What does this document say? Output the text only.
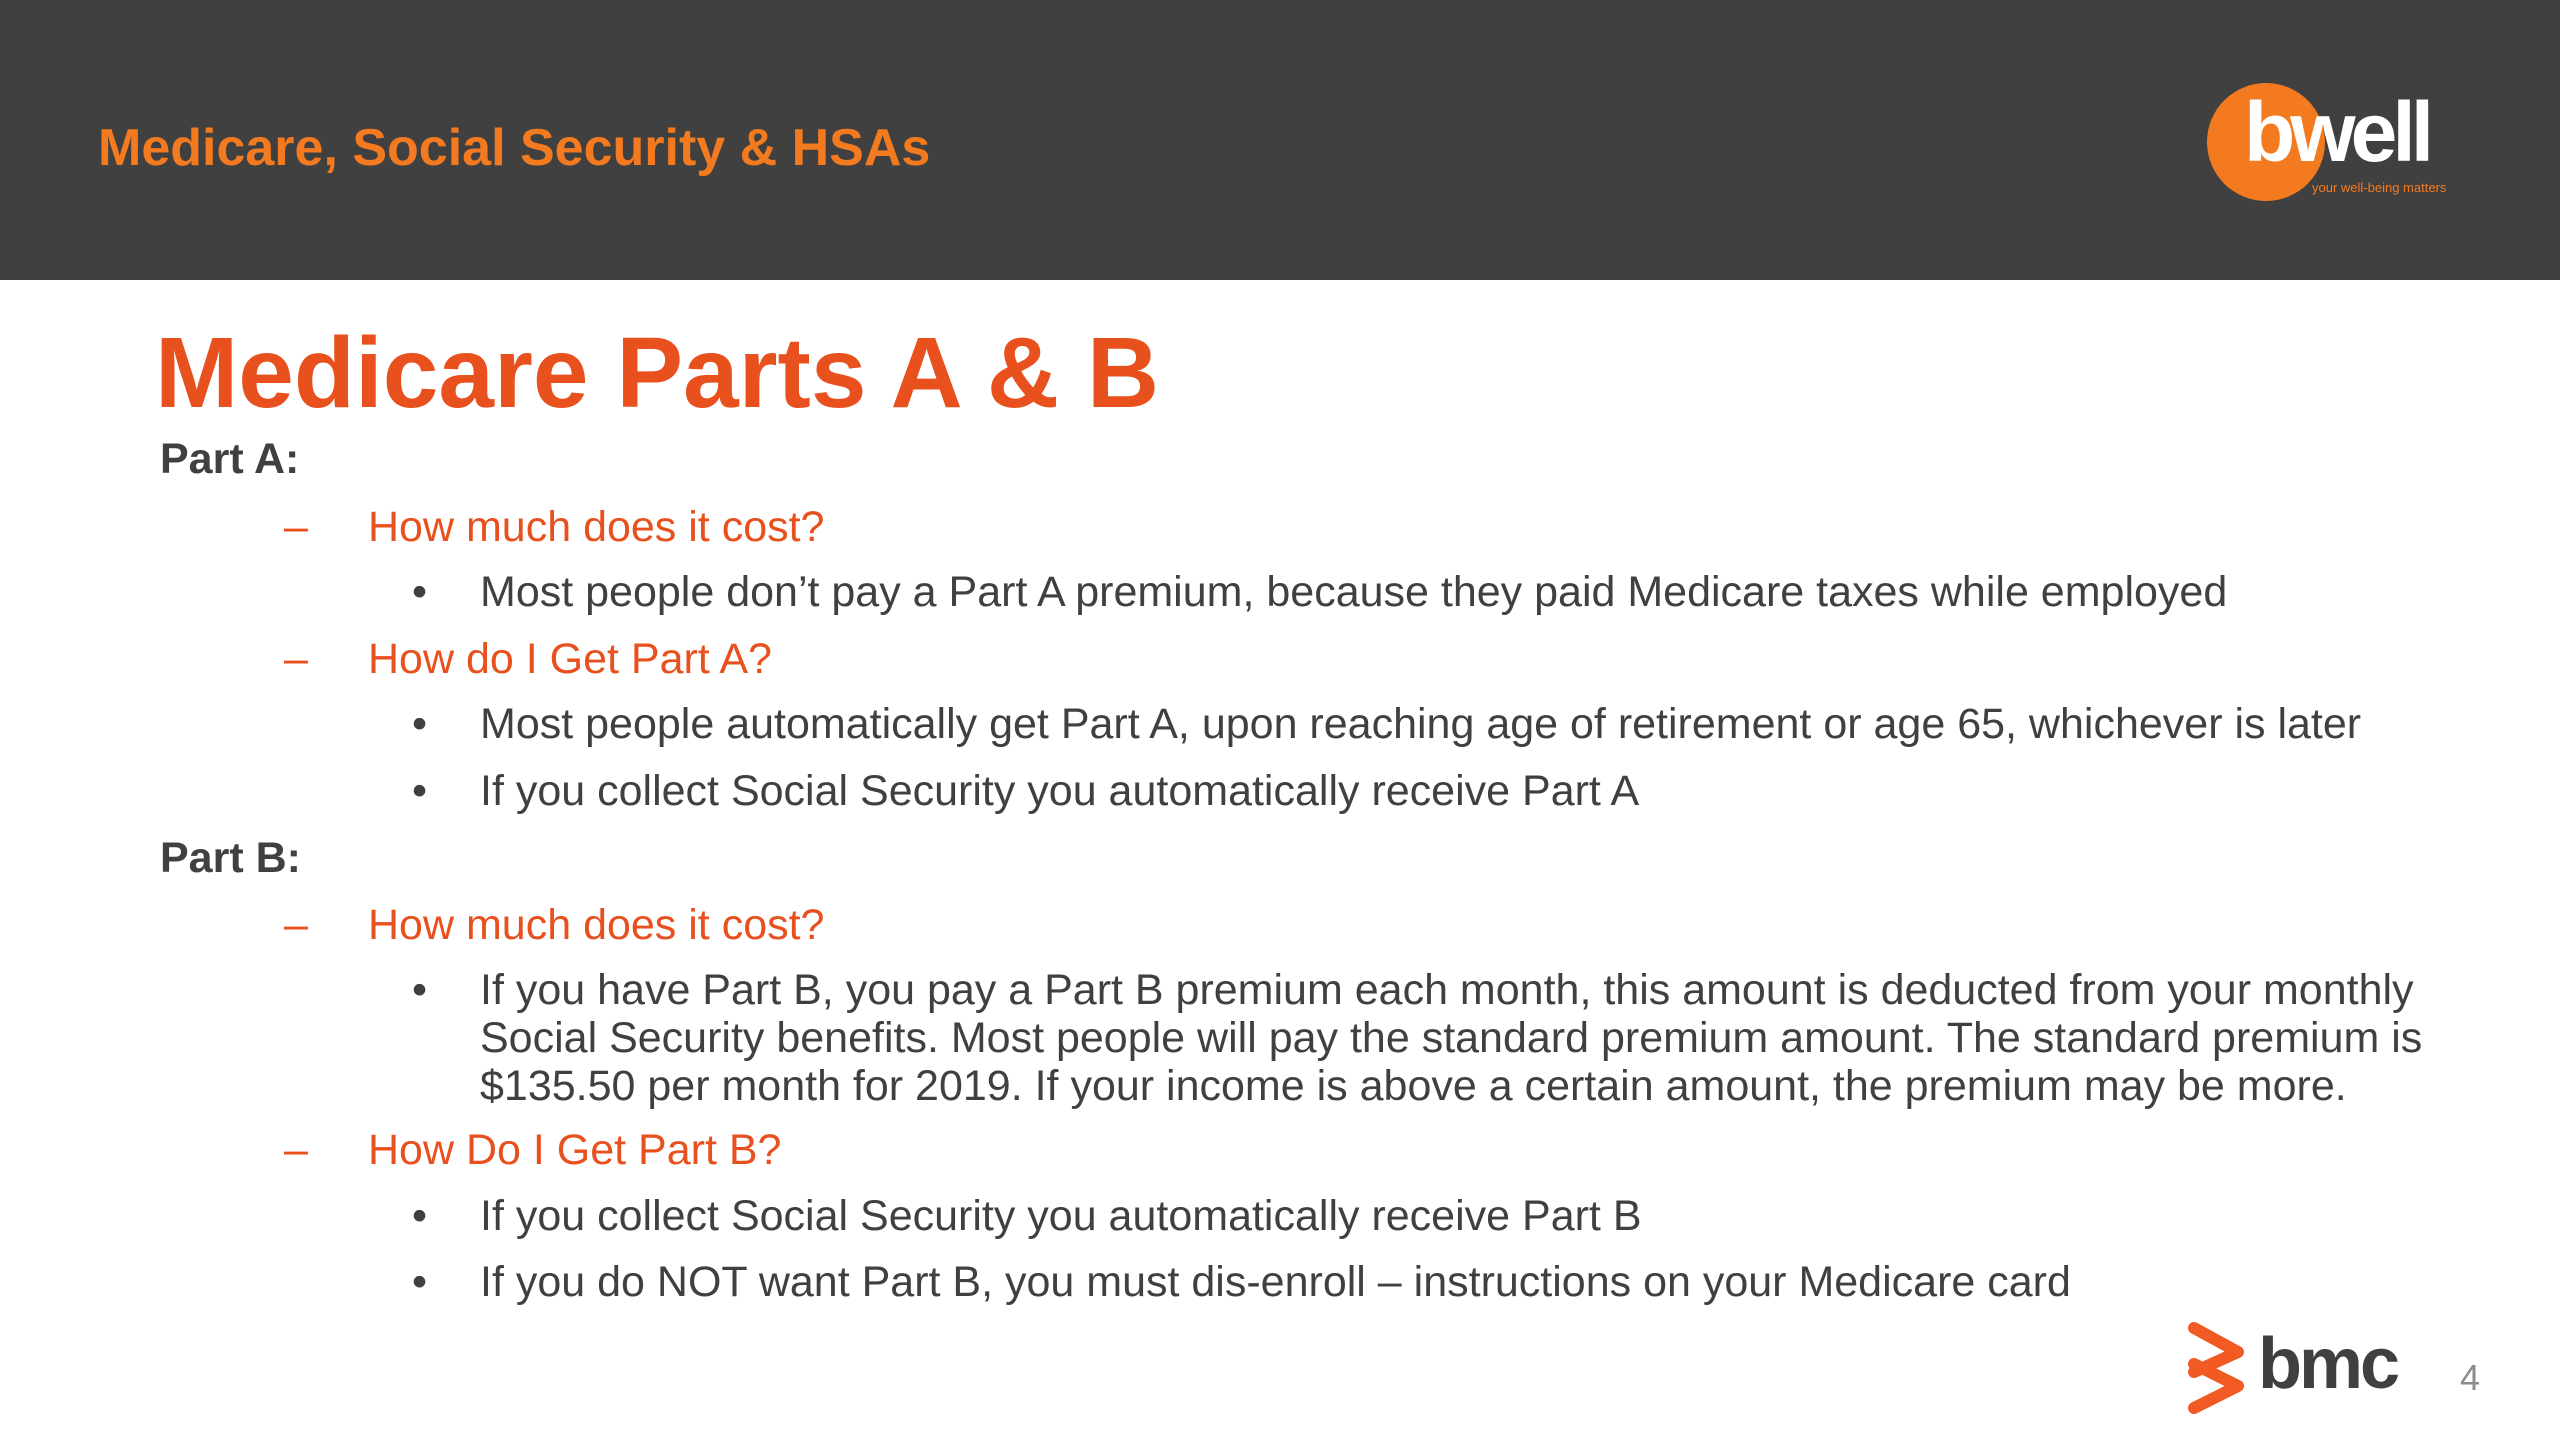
Medicare, Social Security & HSAs	bwell
your well-being matters
Medicare Parts A & B
Part A:
– How much does it cost?
• Most people don’t pay a Part A premium, because they paid Medicare taxes while employed
– How do I Get Part A?
• Most people automatically get Part A, upon reaching age of retirement or age 65, whichever is later
• If you collect Social Security you automatically receive Part A
Part B:
– How much does it cost?
• If you have Part B, you pay a Part B premium each month, this amount is deducted from your monthly Social Security benefits. Most people will pay the standard premium amount. The standard premium is $135.50 per month for 2019. If your income is above a certain amount, the premium may be more.
– How Do I Get Part B?
• If you collect Social Security you automatically receive Part B
• If you do NOT want Part B, you must dis-enroll – instructions on your Medicare card
bmc 4
